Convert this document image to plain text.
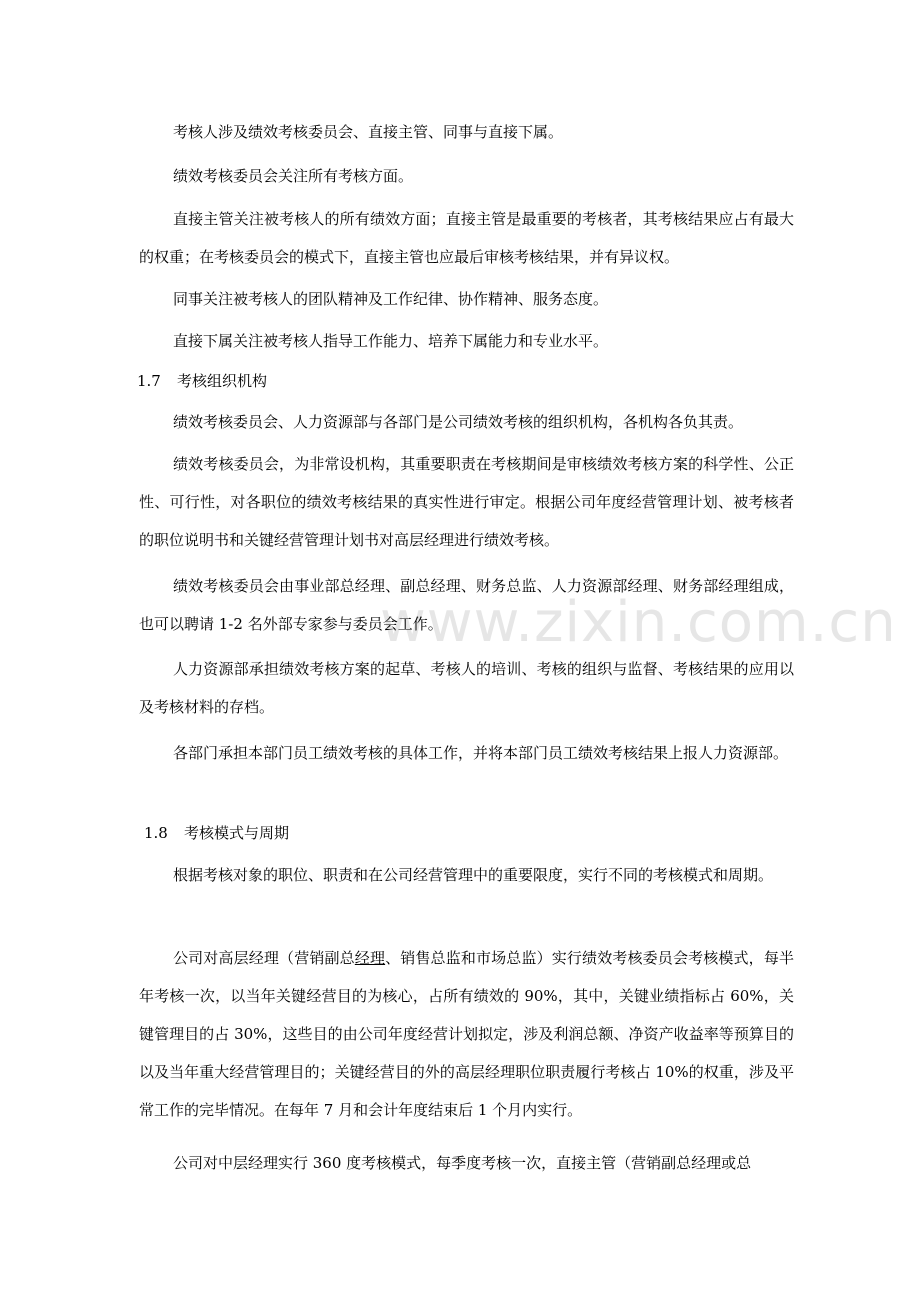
www.zixin.com.cn

考核人涉及绩效考核委员会、直接主管、同事与直接下属。

绩效考核委员会关注所有考核方面。

直接主管关注被考核人的所有绩效方面；直接主管是最重要的考核者，其考核结果应占有最大的权重；在考核委员会的模式下，直接主管也应最后审核考核结果，并有异议权。

同事关注被考核人的团队精神及工作纪律、协作精神、服务态度。

直接下属关注被考核人指导工作能力、培养下属能力和专业水平。

1.7 考核组织机构

绩效考核委员会、人力资源部与各部门是公司绩效考核的组织机构，各机构各负其责。

绩效考核委员会，为非常设机构，其重要职责在考核期间是审核绩效考核方案的科学性、公正性、可行性，对各职位的绩效考核结果的真实性进行审定。根据公司年度经营管理计划、被考核者的职位说明书和关键经营管理计划书对高层经理进行绩效考核。

绩效考核委员会由事业部总经理、副总经理、财务总监、人力资源部经理、财务部经理组成，也可以聘请 1-2 名外部专家参与委员会工作。

人力资源部承担绩效考核方案的起草、考核人的培训、考核的组织与监督、考核结果的应用以及考核材料的存档。

各部门承担本部门员工绩效考核的具体工作，并将本部门员工绩效考核结果上报人力资源部。

1.8 考核模式与周期

根据考核对象的职位、职责和在公司经营管理中的重要限度，实行不同的考核模式和周期。

公司对高层经理（营销副总经理、销售总监和市场总监）实行绩效考核委员会考核模式，每半年考核一次，以当年关键经营目的为核心，占所有绩效的 90%，其中，关键业绩指标占 60%，关键管理目的占 30%，这些目的由公司年度经营计划拟定，涉及利润总额、净资产收益率等预算目的以及当年重大经营管理目的；关键经营目的外的高层经理职位职责履行考核占 10%的权重，涉及平常工作的完毕情况。在每年 7 月和会计年度结束后 1 个月内实行。

公司对中层经理实行 360 度考核模式，每季度考核一次，直接主管（营销副总经理或总
